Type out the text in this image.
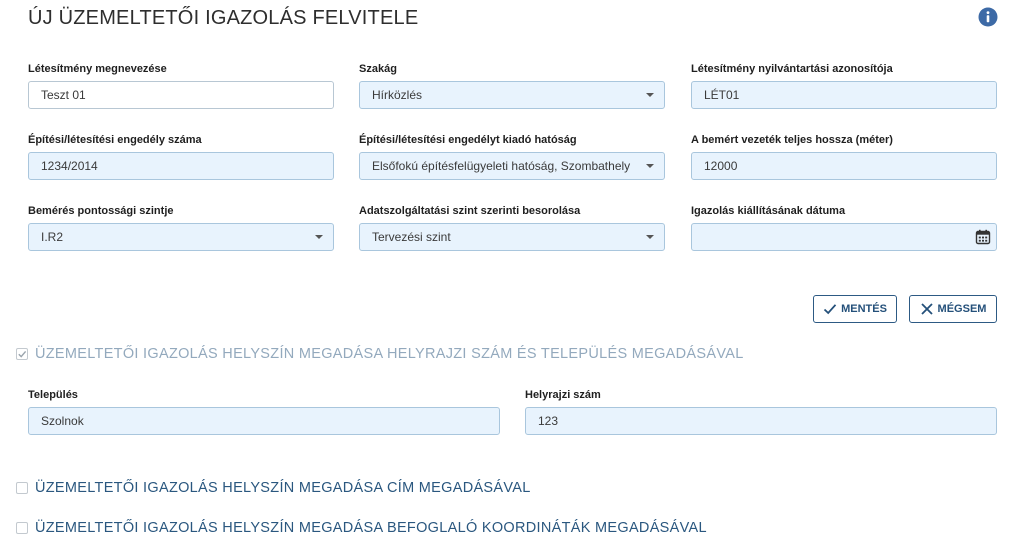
ÚJ ÜZEMELTETŐI IGAZOLÁS FELVITELE
Létesítmény megnevezése
Teszt 01
Szakág
Hírközlés
Létesítmény nyilvántartási azonosítója
LÉT01
Építési/létesítési engedély száma
1234/2014
Építési/létesítési engedélyt kiadó hatóság
Elsőfokú építésfelügyeleti hatóság, Szombathely
A bemért vezeték teljes hossza (méter)
12000
Bemérés pontossági szintje
I.R2
Adatszolgáltatási szint szerinti besorolása
Tervezési szint
Igazolás kiállításának dátuma
MENTÉS	MÉGSEM
ÜZEMELTETŐI IGAZOLÁS HELYSZÍN MEGADÁSA HELYRAJZI SZÁM ÉS TELEPÜLÉS MEGADÁSÁVAL
Település
Szolnok
Helyrajzi szám
123
ÜZEMELTETŐI IGAZOLÁS HELYSZÍN MEGADÁSA CÍM MEGADÁSÁVAL
ÜZEMELTETŐI IGAZOLÁS HELYSZÍN MEGADÁSA BEFOGLALÓ KOORDINÁTÁK MEGADÁSÁVAL
